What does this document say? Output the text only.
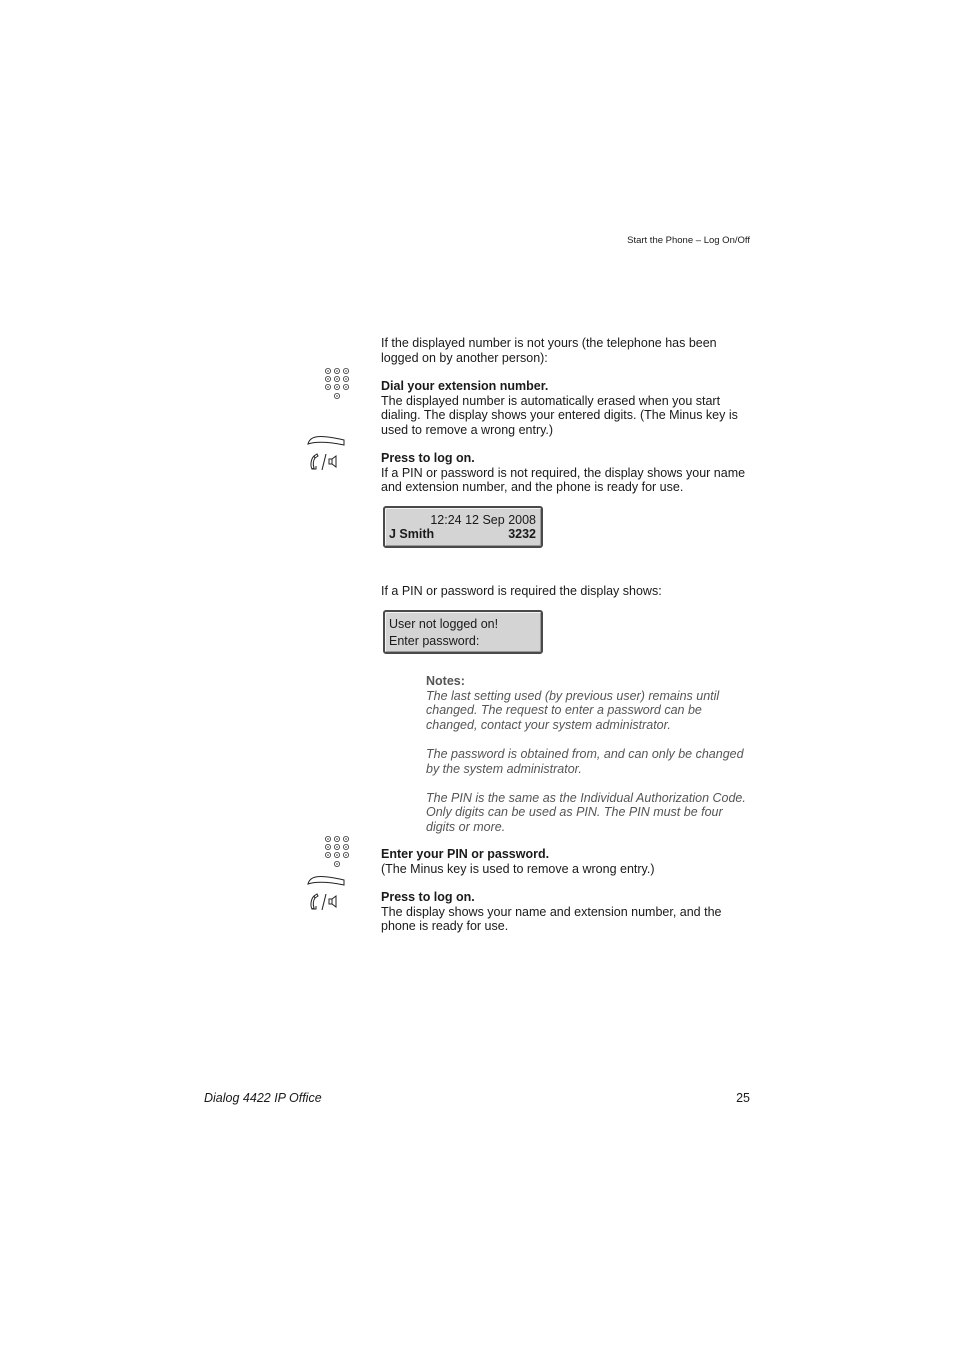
Start the Phone – Log On/Off
If the displayed number is not yours (the telephone has been logged on by another person):
Dial your extension number.
The displayed number is automatically erased when you start dialing. The display shows your entered digits. (The Minus key is used to remove a wrong entry.)
Press to log on.
If a PIN or password is not required, the display shows your name and extension number, and the phone is ready for use.
12:24 12 Sep 2008
J Smith	3232
If a PIN or password is required the display shows:
User not logged on!
Enter password:
Notes:
The last setting used (by previous user) remains until changed. The request to enter a password can be changed, contact your system administrator.
The password is obtained from, and can only be changed by the system administrator.
The PIN is the same as the Individual Authorization Code. Only digits can be used as PIN. The PIN must be four digits or more.
Enter your PIN or password.
(The Minus key is used to remove a wrong entry.)
Press to log on.
The display shows your name and extension number, and the phone is ready for use.
Dialog 4422 IP Office	25
